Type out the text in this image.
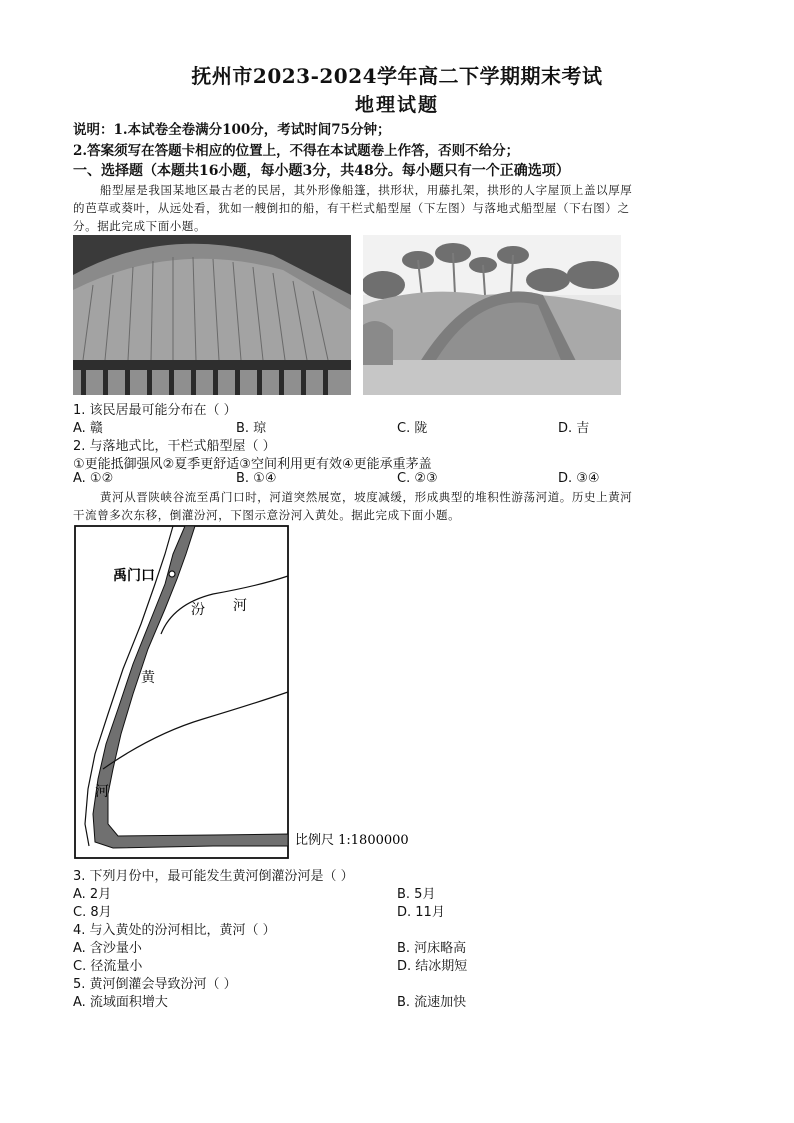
抚州市2023-2024学年高二下学期期末考试
地理试题
说明：1.本试卷全卷满分100分，考试时间75分钟；
2.答案须写在答题卡相应的位置上，不得在本试题卷上作答，否则不给分；
一、选择题（本题共16小题，每小题3分，共48分。每小题只有一个正确选项）
船型屋是我国某地区最古老的民居，其外形像船篷，拱形状，用藤扎架，拱形的人字屋顶上盖以厚厚
的芭草或葵叶，从远处看，犹如一艘倒扣的船，有干栏式船型屋（下左图）与落地式船型屋（下右图）之
分。据此完成下面小题。
1. 该民居最可能分布在（ ）
A. 赣	B. 琼	C. 陇	D. 吉
2. 与落地式比，干栏式船型屋（ ）
①更能抵御强风②夏季更舒适③空间利用更有效④更能承重茅盖
A. ①②	B. ①④	C. ②③	D. ③④
黄河从晋陕峡谷流至禹门口时，河道突然展宽，坡度减缓，形成典型的堆积性游荡河道。历史上黄河
干流曾多次东移，倒灌汾河，下图示意汾河入黄处。据此完成下面小题。
禹门口
汾 河
黄
河
比例尺 1:1800000
3. 下列月份中，最可能发生黄河倒灌汾河是（ ）
A. 2月	B. 5月
C. 8月	D. 11月
4. 与入黄处的汾河相比，黄河（ ）
A. 含沙量小	B. 河床略高
C. 径流量小	D. 结冰期短
5. 黄河倒灌会导致汾河（ ）
A. 流域面积增大	B. 流速加快
